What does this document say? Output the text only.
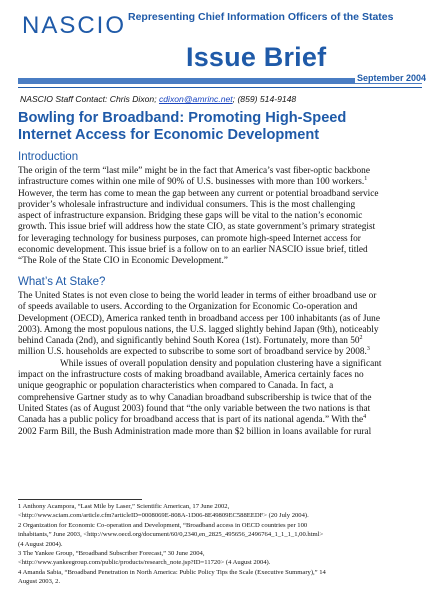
NASCIO Representing Chief Information Officers of the States
Issue Brief
September 2004
NASCIO Staff Contact: Chris Dixon; cdixon@amrinc.net; (859) 514-9148
Bowling for Broadband: Promoting High-Speed
Internet Access for Economic Development
Introduction

The origin of the term “last mile” might be in the fact that America’s vast fiber-optic backbone

infrastructure comes within one mile of 90% of U.S. businesses with more than 100 workers.$^1$

However, the term has come to mean the gap between any current or potential broadband service

provider’s wholesale infrastructure and individual consumers. This is the most challenging

aspect of infrastructure expansion. Bridging these gaps will be vital to the nation’s economic

growth. This issue brief will address how the state CIO, as state government’s primary strategist

for leveraging technology for business purposes, can promote high-speed Internet access for

economic development. This issue brief is a follow on to an earlier NASCIO issue brief, titled

“The Role of the State CIO in Economic Development.”

What’s At Stake?

The United States is not even close to being the world leader in terms of either broadband use or

of speeds available to users. According to the Organization for Economic Co-operation and

Development (OECD), America ranked tenth in broadband access per 100 inhabitants (as of June

2003). Among the most populous nations, the U.S. lagged slightly behind Japan (9th), noticeably

behind Canada (2nd), and significantly behind South Korea (1st). Fortunately, more than $50^2$

million U.S. households are expected to subscribe to some sort of broadband service by 2008.$^3$

While issues of overall population density and population clustering have a significant

impact on the infrastructure costs of making broadband available, America certainly faces no

unique geographic or population characteristics when compared to Canada. In fact, a

comprehensive Gartner study as to why Canadian broadband subscribership is twice that of the

United States (as of August 2003) found that “the only variable between the two nations is that

Canada has a public policy for broadband access that is part of its national agenda.” With the$^4$

2002 Farm Bill, the Bush Administration made more than $2 billion in loans available for rural

1 Anthony Acampora, “Last Mile by Laser,” Scientific American, 17 June 2002,

<http://www.sciam.com/article.cfm?articleID=0008069E-808A-1D06-8E49809EC588EEDF> (20 July 2004).

2 Organization for Economic Co-operation and Development, “Broadband access in OECD countries per 100

inhabitants,” June 2003, <http://www.oecd.org/document/60/0,2340,en_2825_495656_2496764_1_1_1_1,00.html>

(4 August 2004).

3 The Yankee Group, “Broadband Subscriber Forecast,” 30 June 2004,

<http://www.yankeegroup.com/public/products/research_note.jsp?ID=11720> (4 August 2004).

4 Amanda Sabia, “Broadband Penetration in North America: Public Policy Tips the Scale (Executive Summary),” 14

August 2003, 2.
